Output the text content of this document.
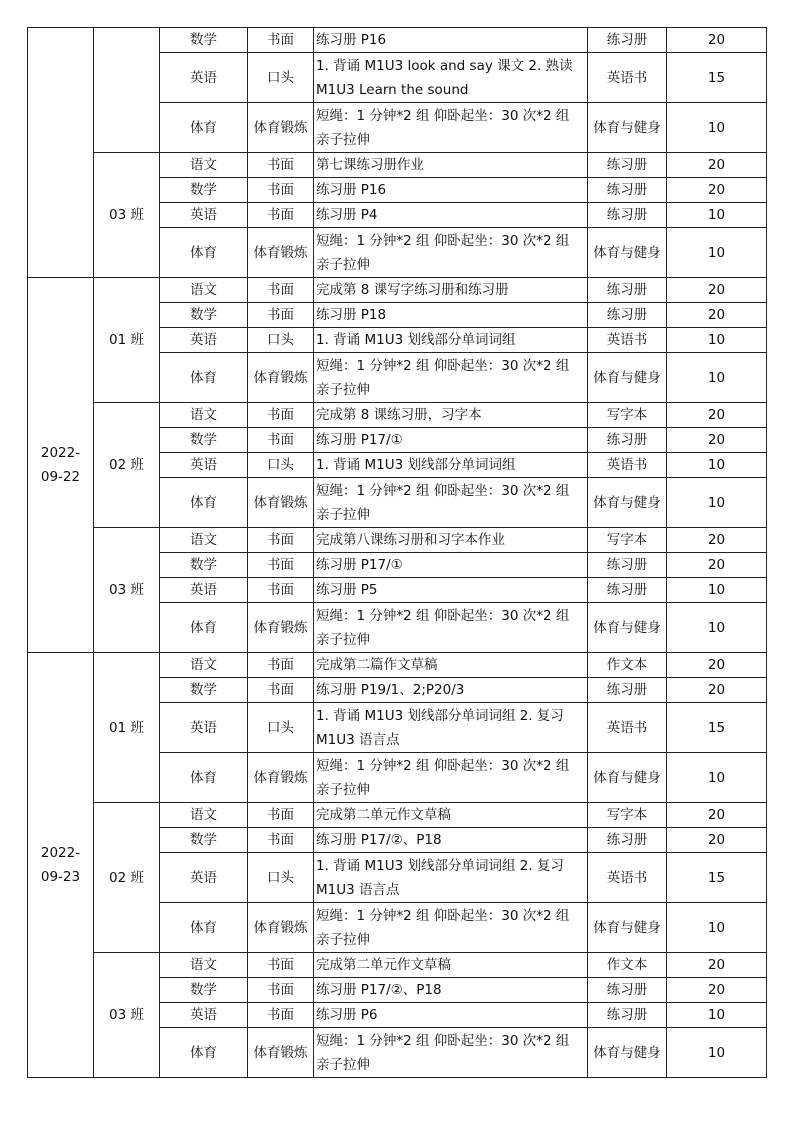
		数学	书面	练习册 P16	练习册	20
		英语	口头	1. 背诵 M1U3 look and say 课文 2. 熟读 M1U3 Learn the sound	英语书	15
		体育	体育锻炼	短绳：1 分钟*2 组 仰卧起坐：30 次*2 组 亲子拉伸	体育与健身	10
	03 班	语文	书面	第七课练习册作业	练习册	20
		数学	书面	练习册 P16	练习册	20
		英语	书面	练习册 P4	练习册	10
		体育	体育锻炼	短绳：1 分钟*2 组 仰卧起坐：30 次*2 组 亲子拉伸	体育与健身	10
2022-09-22	01 班	语文	书面	完成第 8 课写字练习册和练习册	练习册	20
		数学	书面	练习册 P18	练习册	20
		英语	口头	1. 背诵 M1U3 划线部分单词词组	英语书	10
		体育	体育锻炼	短绳：1 分钟*2 组 仰卧起坐：30 次*2 组 亲子拉伸	体育与健身	10
	02 班	语文	书面	完成第 8 课练习册，习字本	写字本	20
		数学	书面	练习册 P17/①	练习册	20
		英语	口头	1. 背诵 M1U3 划线部分单词词组	英语书	10
		体育	体育锻炼	短绳：1 分钟*2 组 仰卧起坐：30 次*2 组 亲子拉伸	体育与健身	10
	03 班	语文	书面	完成第八课练习册和习字本作业	写字本	20
		数学	书面	练习册 P17/①	练习册	20
		英语	书面	练习册 P5	练习册	10
		体育	体育锻炼	短绳：1 分钟*2 组 仰卧起坐：30 次*2 组 亲子拉伸	体育与健身	10
2022-09-23	01 班	语文	书面	完成第二篇作文草稿	作文本	20
		数学	书面	练习册 P19/1、2;P20/3	练习册	20
		英语	口头	1. 背诵 M1U3 划线部分单词词组 2. 复习 M1U3 语言点	英语书	15
		体育	体育锻炼	短绳：1 分钟*2 组 仰卧起坐：30 次*2 组 亲子拉伸	体育与健身	10
	02 班	语文	书面	完成第二单元作文草稿	写字本	20
		数学	书面	练习册 P17/②、P18	练习册	20
		英语	口头	1. 背诵 M1U3 划线部分单词词组 2. 复习 M1U3 语言点	英语书	15
		体育	体育锻炼	短绳：1 分钟*2 组 仰卧起坐：30 次*2 组 亲子拉伸	体育与健身	10
	03 班	语文	书面	完成第二单元作文草稿	作文本	20
		数学	书面	练习册 P17/②、P18	练习册	20
		英语	书面	练习册 P6	练习册	10
		体育	体育锻炼	短绳：1 分钟*2 组 仰卧起坐：30 次*2 组 亲子拉伸	体育与健身	10
